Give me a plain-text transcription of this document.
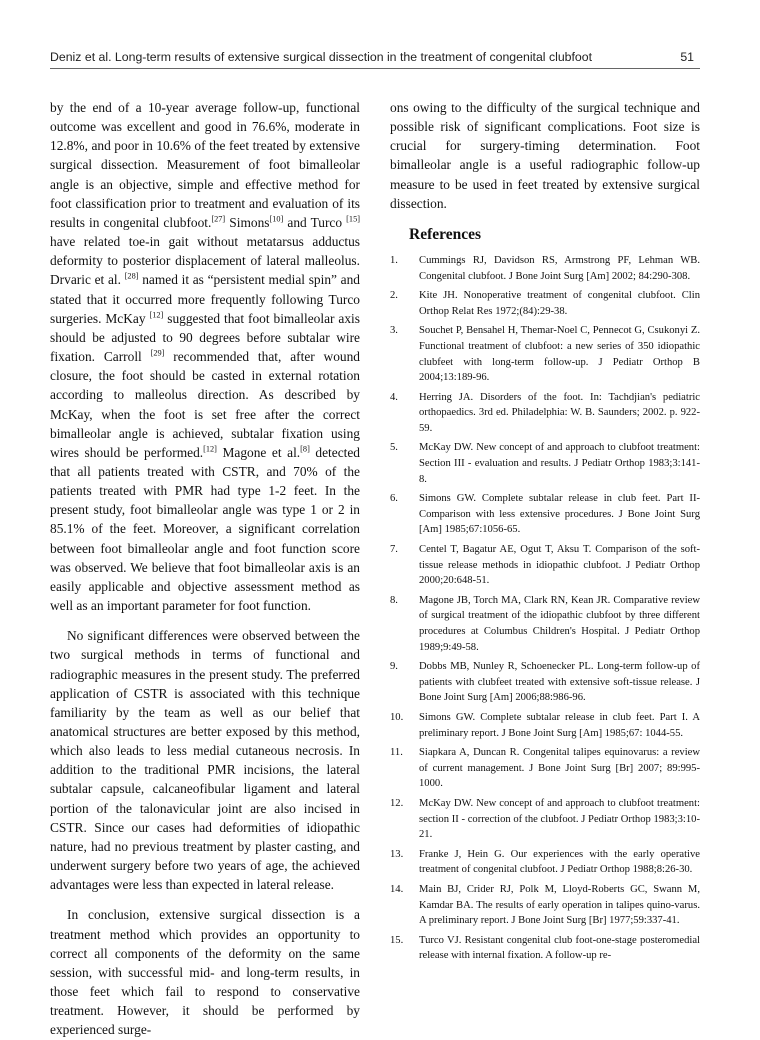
Deniz et al. Long-term results of extensive surgical dissection in the treatment of congenital clubfoot	51

by the end of a 10-year average follow-up, functional outcome was excellent and good in 76.6%, moderate in 12.8%, and poor in 10.6% of the feet treated by extensive surgical dissection. Measurement of foot bimalleolar angle is an objective, simple and effective method for foot classification prior to treatment and evaluation of its results in congenital clubfoot.[27] Simons[10] and Turco [15] have related toe-in gait without metatarsus adductus deformity to posterior displacement of lateral malleolus. Drvaric et al. [28] named it as “persistent medial spin” and stated that it occurred more frequently following Turco surgeries. McKay [12] suggested that foot bimalleolar axis should be adjusted to 90 degrees before subtalar wire fixation. Carroll [29] recommended that, after wound closure, the foot should be casted in external rotation according to malleolus direction. As described by McKay, when the foot is set free after the correct bimalleolar angle is achieved, subtalar fixation using wires should be performed.[12] Magone et al.[8] detected that all patients treated with CSTR, and 70% of the patients treated with PMR had type 1-2 feet. In the present study, foot bimalleolar angle was type 1 or 2 in 85.1% of the feet. Moreover, a significant correlation between foot bimalleolar angle and foot function score was observed. We believe that foot bimalleolar axis is an easily applicable and objective assessment method as well as an important parameter for foot function.

No significant differences were observed between the two surgical methods in terms of functional and radiographic measures in the present study. The preferred application of CSTR is associated with this technique familiarity by the team as well as our belief that anatomical structures are better exposed by this method, which also leads to less medial cutaneous necrosis. In addition to the traditional PMR incisions, the lateral subtalar capsule, calcaneofibular ligament and lateral portion of the talonavicular joint are also incised in CSTR. Since our cases had deformities of idiopathic nature, had no previous treatment by plaster casting, and underwent surgery before two years of age, the achieved advantages were less than expected in lateral release.

In conclusion, extensive surgical dissection is a treatment method which provides an opportunity to correct all components of the deformity on the same session, with successful mid- and long-term results, in those feet which fail to respond to conservative treatment. However, it should be performed by experienced surge-

ons owing to the difficulty of the surgical technique and possible risk of significant complications. Foot size is crucial for surgery-timing determination. Foot bimalleolar angle is a useful radiographic follow-up measure to be used in feet treated by extensive surgical dissection.

References
1. Cummings RJ, Davidson RS, Armstrong PF, Lehman WB. Congenital clubfoot. J Bone Joint Surg [Am] 2002; 84:290-308.
2. Kite JH. Nonoperative treatment of congenital clubfoot. Clin Orthop Relat Res 1972;(84):29-38.
3. Souchet P, Bensahel H, Themar-Noel C, Pennecot G, Csukonyi Z. Functional treatment of clubfoot: a new series of 350 idiopathic clubfeet with long-term follow-up. J Pediatr Orthop B 2004;13:189-96.
4. Herring JA. Disorders of the foot. In: Tachdjian's pediatric orthopaedics. 3rd ed. Philadelphia: W. B. Saunders; 2002. p. 922-59.
5. McKay DW. New concept of and approach to clubfoot treatment: Section III - evaluation and results. J Pediatr Orthop 1983;3:141-8.
6. Simons GW. Complete subtalar release in club feet. Part II- Comparison with less extensive procedures. J Bone Joint Surg [Am] 1985;67:1056-65.
7. Centel T, Bagatur AE, Ogut T, Aksu T. Comparison of the soft-tissue release methods in idiopathic clubfoot. J Pediatr Orthop 2000;20:648-51.
8. Magone JB, Torch MA, Clark RN, Kean JR. Comparative review of surgical treatment of the idiopathic clubfoot by three different procedures at Columbus Children's Hospital. J Pediatr Orthop 1989;9:49-58.
9. Dobbs MB, Nunley R, Schoenecker PL. Long-term follow-up of patients with clubfeet treated with extensive soft-tissue release. J Bone Joint Surg [Am] 2006;88:986-96.
10. Simons GW. Complete subtalar release in club feet. Part I. A preliminary report. J Bone Joint Surg [Am] 1985;67: 1044-55.
11. Siapkara A, Duncan R. Congenital talipes equinovarus: a review of current management. J Bone Joint Surg [Br] 2007; 89:995-1000.
12. McKay DW. New concept of and approach to clubfoot treatment: section II - correction of the clubfoot. J Pediatr Orthop 1983;3:10-21.
13. Franke J, Hein G. Our experiences with the early operative treatment of congenital clubfoot. J Pediatr Orthop 1988;8:26-30.
14. Main BJ, Crider RJ, Polk M, Lloyd-Roberts GC, Swann M, Kamdar BA. The results of early operation in talipes quino-varus. A preliminary report. J Bone Joint Surg [Br] 1977;59:337-41.
15. Turco VJ. Resistant congenital club foot-one-stage posteromedial release with internal fixation. A follow-up re-
